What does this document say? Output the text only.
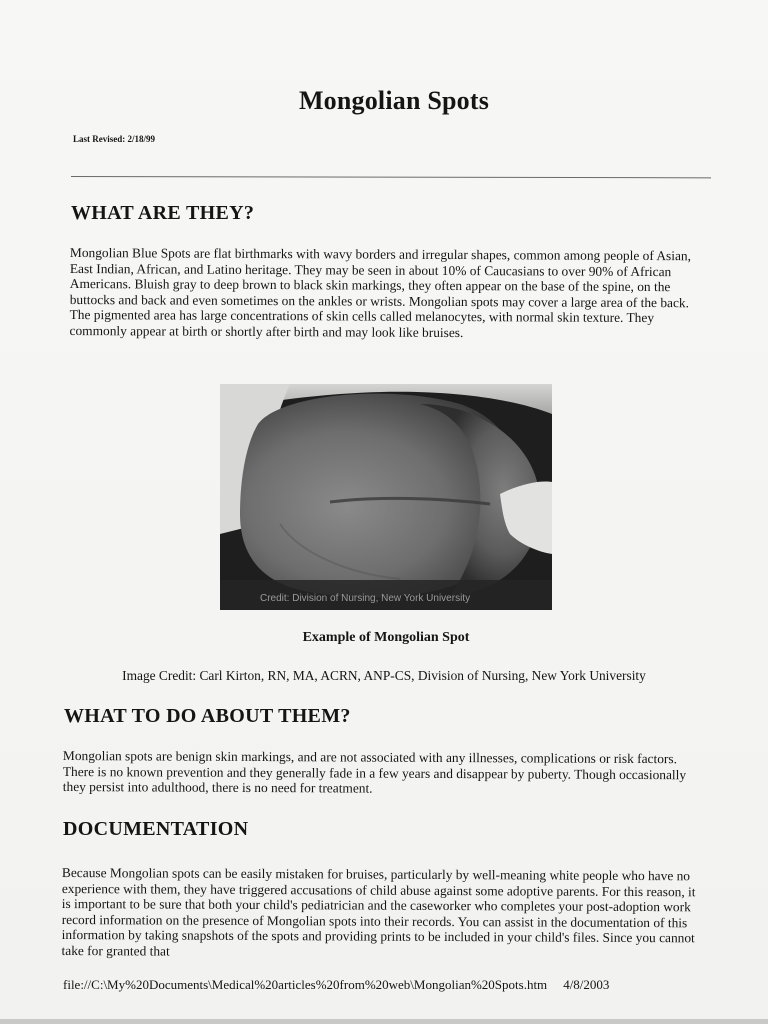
Mongolian Spots
Last Revised: 2/18/99
WHAT ARE THEY?
Mongolian Blue Spots are flat birthmarks with wavy borders and irregular shapes, common among people of Asian, East Indian, African, and Latino heritage. They may be seen in about 10% of Caucasians to over 90% of African Americans. Bluish gray to deep brown to black skin markings, they often appear on the base of the spine, on the buttocks and back and even sometimes on the ankles or wrists. Mongolian spots may cover a large area of the back. The pigmented area has large concentrations of skin cells called melanocytes, with normal skin texture. They commonly appear at birth or shortly after birth and may look like bruises.
Credit: Division of Nursing, New York University
Example of Mongolian Spot
Image Credit: Carl Kirton, RN, MA, ACRN, ANP-CS, Division of Nursing, New York University
WHAT TO DO ABOUT THEM?
Mongolian spots are benign skin markings, and are not associated with any illnesses, complications or risk factors. There is no known prevention and they generally fade in a few years and disappear by puberty. Though occasionally they persist into adulthood, there is no need for treatment.
DOCUMENTATION
Because Mongolian spots can be easily mistaken for bruises, particularly by well-meaning white people who have no experience with them, they have triggered accusations of child abuse against some adoptive parents. For this reason, it is important to be sure that both your child's pediatrician and the caseworker who completes your post-adoption work record information on the presence of Mongolian spots into their records. You can assist in the documentation of this information by taking snapshots of the spots and providing prints to be included in your child's files. Since you cannot take for granted that
file://C:\My%20Documents\Medical%20articles%20from%20web\Mongolian%20Spots.htm 4/8/2003
